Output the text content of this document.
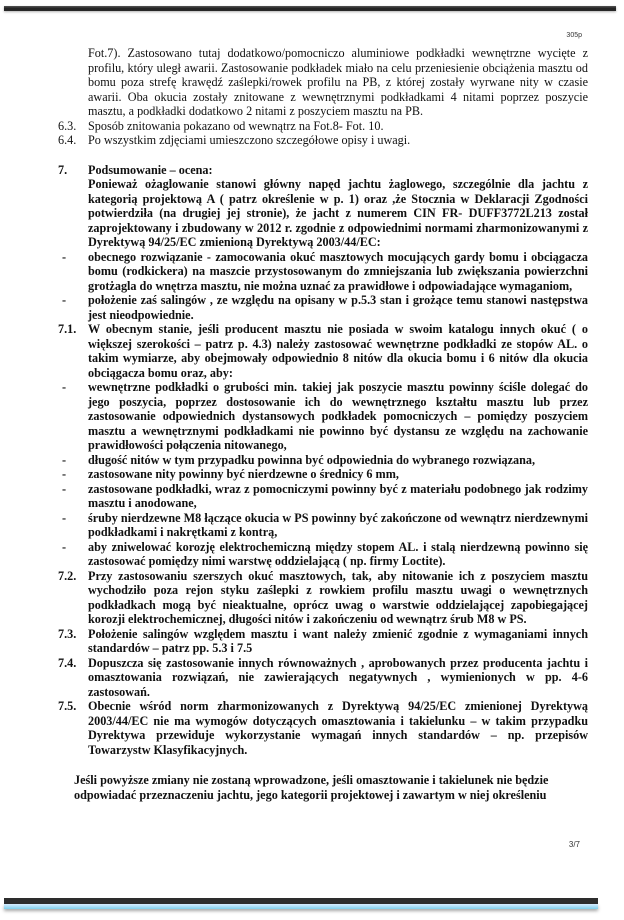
305p

Fot.7). Zastosowano tutaj dodatkowo/pomocniczo aluminiowe podkładki wewnętrzne wycięte z profilu, który uległ awarii. Zastosowanie podkładek miało na celu przeniesienie obciążenia masztu od bomu poza strefę krawędź zaślepki/rowek profilu na PB, z której zostały wyrwane nity w czasie awarii. Oba okucia zostały znitowane z wewnętrznymi podkładkami 4 nitami poprzez poszycie masztu, a podkładki dodatkowo 2 nitami z poszyciem masztu na PB.

6.3. Sposób znitowania pokazano od wewnątrz na Fot.8- Fot. 10.
6.4. Po wszystkim zdjęciami umieszczono szczegółowe opisy i uwagi.
7.	Podsumowanie – ocena:

Ponieważ ożaglowanie stanowi główny napęd jachtu żaglowego, szczególnie dla jachtu z kategorią projektową A ( patrz określenie w p. 1) oraz ,że Stocznia w Deklaracji Zgodności potwierdziła (na drugiej jej stronie), że jacht z numerem CIN FR- DUFF3772L213 został zaprojektowany i zbudowany w 2012 r. zgodnie z odpowiednimi normami zharmonizowanymi z Dyrektywą 94/25/EC zmienioną Dyrektywą 2003/44/EC:

-	obecnego rozwiązanie - zamocowania okuć masztowych mocujących gardy bomu i obciągacza bomu (rodkickera) na maszcie przystosowanym do zmniejszania lub zwiększania powierzchni grotżagla do wnętrza masztu, nie można uznać za prawidłowe i odpowiadające wymaganiom,
-	położenie zaś salingów , ze względu na opisany w p.5.3 stan i grożące temu stanowi następstwa jest nieodpowiednie.
7.1. W obecnym stanie, jeśli producent masztu nie posiada w swoim katalogu innych okuć ( o większej szerokości – patrz p. 4.3) należy zastosować wewnętrzne podkładki ze stopów AL. o takim wymiarze, aby obejmowały odpowiednio 8 nitów dla okucia bomu i 6 nitów dla okucia obciągacza bomu oraz, aby:
-	wewnętrzne podkładki o grubości min. takiej jak poszycie masztu powinny ściśle dolegać do jego poszycia, poprzez dostosowanie ich do wewnętrznego kształtu masztu lub przez zastosowanie odpowiednich dystansowych podkładek pomocniczych – pomiędzy poszyciem masztu a wewnętrznymi podkładkami nie powinno być dystansu ze względu na zachowanie prawidłowości połączenia nitowanego,
-	długość nitów w tym przypadku powinna być odpowiednia do wybranego rozwiązana,
-	zastosowane nity powinny być nierdzewne o średnicy 6 mm,
-	zastosowane podkładki, wraz z pomocniczymi powinny być z materiału podobnego jak rodzimy masztu i anodowane,
-	śruby nierdzewne M8 łączące okucia w PS powinny być zakończone od wewnątrz nierdzewnymi podkładkami i nakrętkami z kontrą,
-	aby zniwelować korozję elektrochemiczną między stopem AL. i stalą nierdzewną powinno się zastosować pomiędzy nimi warstwę oddzielającą ( np. firmy Loctite).
7.2. Przy zastosowaniu szerszych okuć masztowych, tak, aby nitowanie ich z poszyciem masztu wychodziło poza rejon styku zaślepki z rowkiem profilu masztu uwagi o wewnętrznych podkładkach mogą być nieaktualne, oprócz uwag o warstwie oddzielającej zapobiegającej korozji elektrochemicznej, długości nitów i zakończeniu od wewnątrz śrub M8 w PS.
7.3. Położenie salingów względem masztu i want należy zmienić zgodnie z wymaganiami innych standardów – patrz pp. 5.3 i 7.5
7.4. Dopuszcza się zastosowanie innych równoważnych , aprobowanych przez producenta jachtu i omasztowania rozwiązań, nie zawierających negatywnych , wymienionych w pp. 4-6 zastosowań.
7.5. Obecnie wśród norm zharmonizowanych z Dyrektywą 94/25/EC zmienionej Dyrektywą 2003/44/EC nie ma wymogów dotyczących omasztowania i takielunku – w takim przypadku Dyrektywa przewiduje wykorzystanie wymagań innych standardów – np. przepisów Towarzystw Klasyfikacyjnych.

Jeśli powyższe zmiany nie zostaną wprowadzone, jeśli omasztowanie i takielunek nie będzie odpowiadać przeznaczeniu jachtu, jego kategorii projektowej i zawartym w niej określeniu

3/7
